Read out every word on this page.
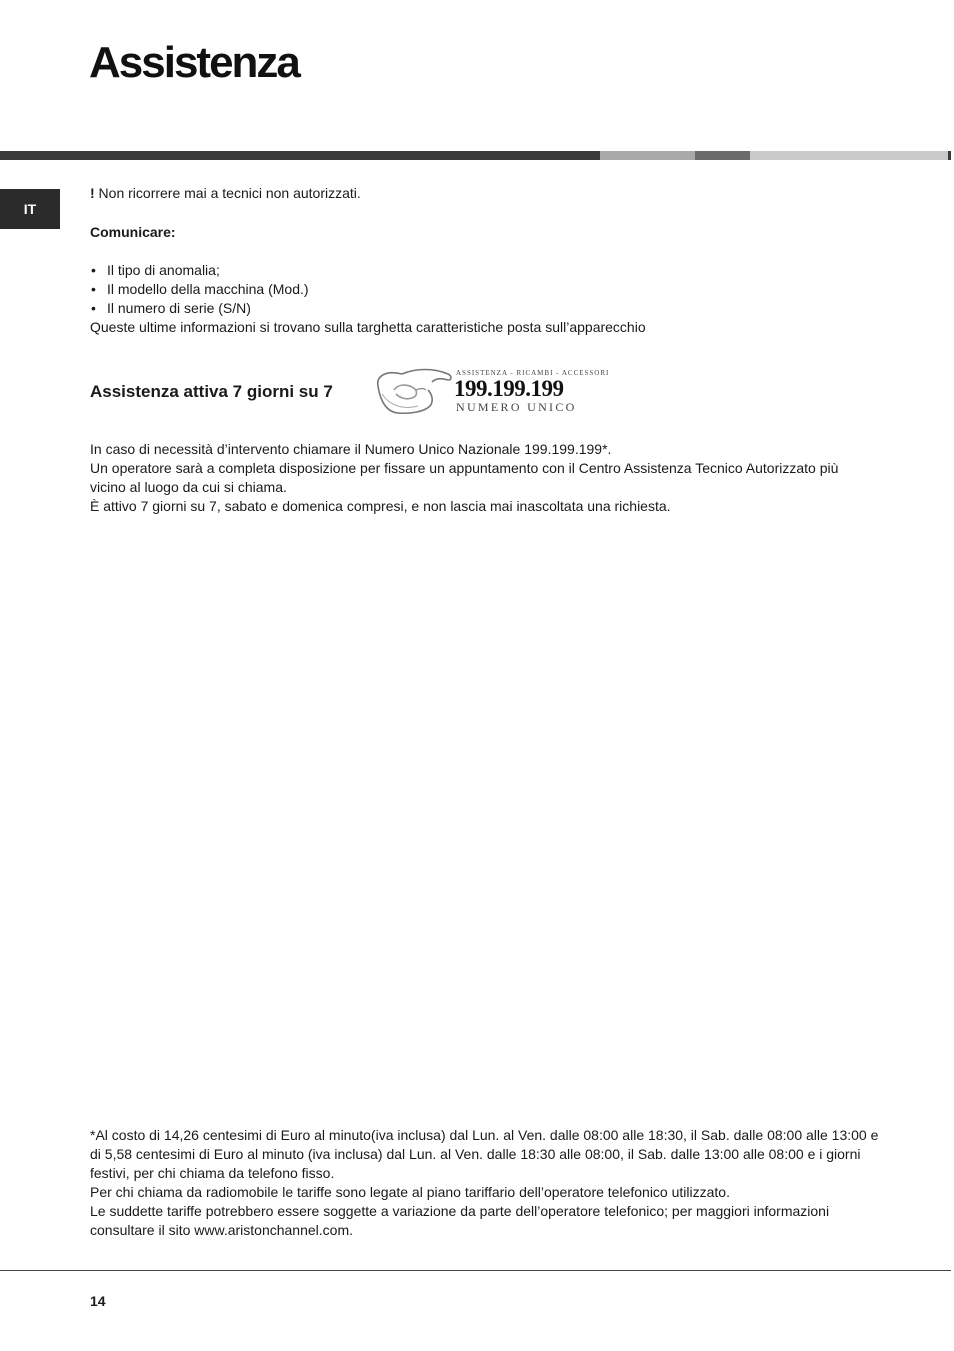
Assistenza
IT
! Non ricorrere mai a tecnici non autorizzati.
Comunicare:
• Il tipo di anomalia;
• Il modello della macchina (Mod.)
• Il numero di serie (S/N)
Queste ultime informazioni si trovano sulla targhetta caratteristiche posta sull’apparecchio
Assistenza attiva 7 giorni su 7
ASSISTENZA - RICAMBI - ACCESSORI
199.199.199
NUMERO UNICO

In caso di necessità d’intervento chiamare il Numero Unico Nazionale 199.199.199*.

Un operatore sarà a completa disposizione per fissare un appuntamento con il Centro Assistenza Tecnico Autorizzato più vicino al luogo da cui si chiama.

È attivo 7 giorni su 7, sabato e domenica compresi, e non lascia mai inascoltata una richiesta.

*Al costo di 14,26 centesimi di Euro al minuto(iva inclusa) dal Lun. al Ven. dalle 08:00 alle 18:30, il Sab. dalle 08:00 alle 13:00 e di 5,58 centesimi di Euro al minuto (iva inclusa) dal Lun. al Ven. dalle 18:30 alle 08:00, il Sab. dalle 13:00 alle 08:00 e i giorni festivi, per chi chiama da telefono fisso.

Per chi chiama da radiomobile le tariffe sono legate al piano tariffario dell’operatore telefonico utilizzato.

Le suddette tariffe potrebbero essere soggette a variazione da parte dell’operatore telefonico; per maggiori informazioni consultare il sito www.aristonchannel.com.

14
